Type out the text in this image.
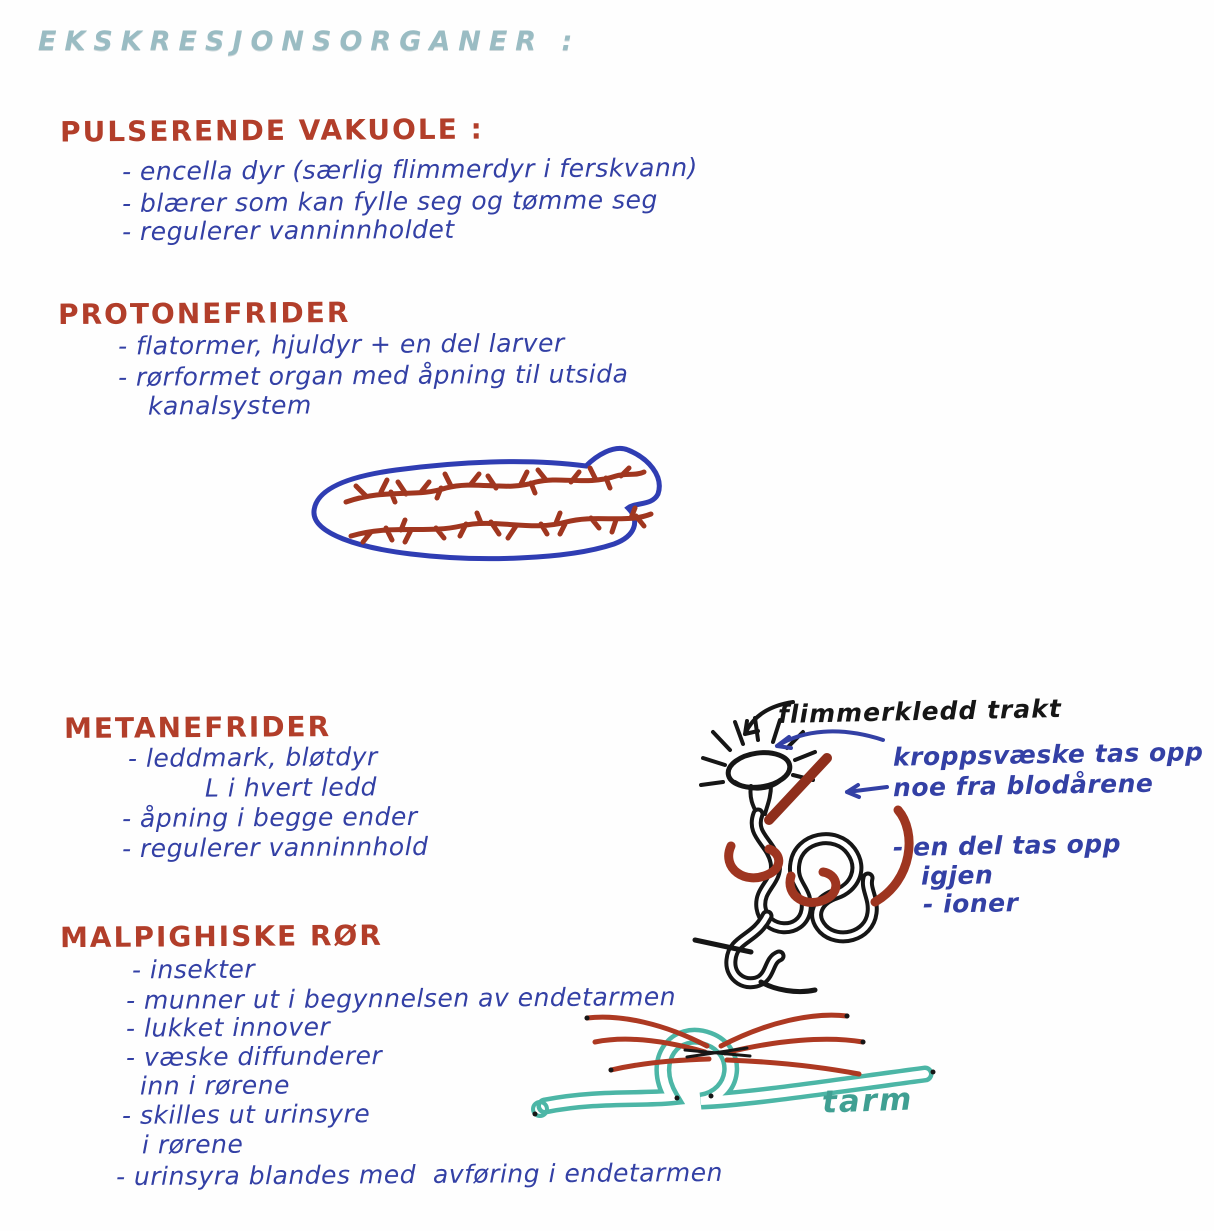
EKSKRESJONSORGANER :
PULSERENDE VAKUOLE :
- encella dyr (særlig flimmerdyr i ferskvann)
- blærer som kan fylle seg og tømme seg
- regulerer vanninnholdet
PROTONEFRIDER
- flatormer, hjuldyr + en del larver
- rørformet organ med åpning til utsida
kanalsystem
METANEFRIDER
- leddmark, bløtdyr
L i hvert ledd
- åpning i begge ender
- regulerer vanninnhold
flimmerkledd trakt
kroppsvæske tas opp
noe fra blodårene
- en del tas opp
igjen
- ioner
MALPIGHISKE RØR
- insekter
- munner ut i begynnelsen av endetarmen
- lukket innover
- væske diffunderer
inn i rørene
- skilles ut urinsyre
i rørene
- urinsyra blandes med  avføring i endetarmen
tarm
